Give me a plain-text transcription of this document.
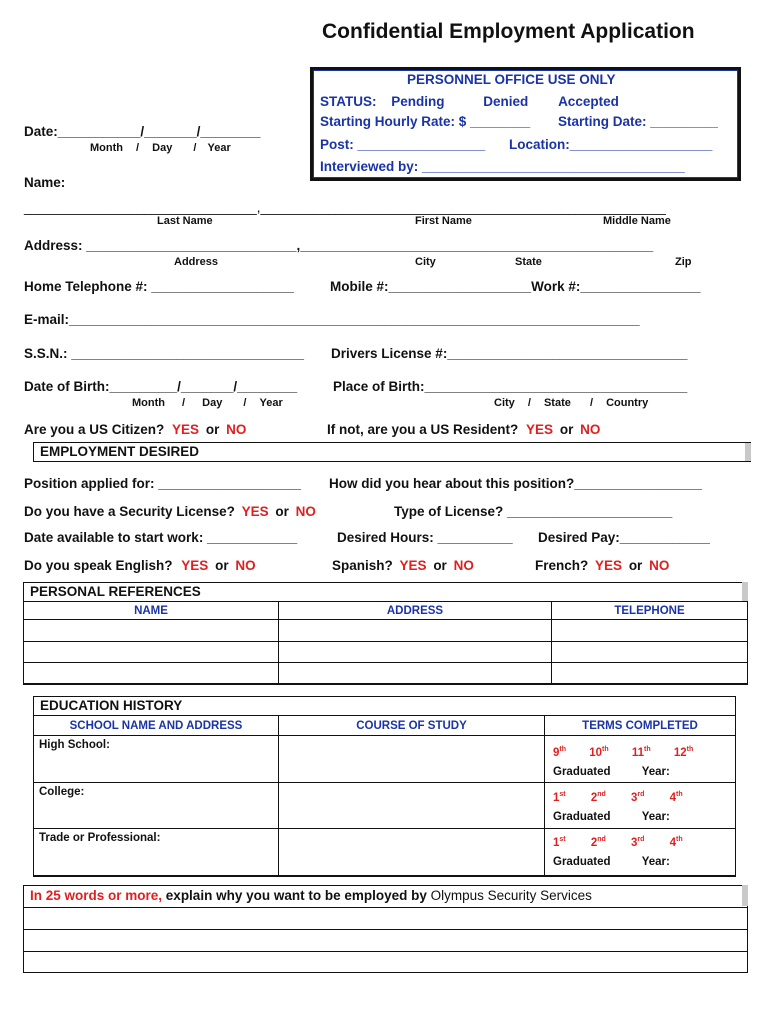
Confidential Employment Application
PERSONNEL OFFICE USE ONLY
STATUS: Pending	Denied Accepted
Starting Hourly Rate: $ ________ Starting Date: _________
Post: _________________ Location:___________________
Interviewed by: ___________________________________
Date:___________/_______/________
Month / Day / Year
Name:
_______________________________,______________________________________________________
Last Name	First Name	Middle Name
Address: ____________________________,_______________________________________________
Address	City	State	Zip
Home Telephone #: ___________________	Mobile #:___________________Work #:________________
E-mail:____________________________________________________________________________
S.S.N.: _______________________________ Drivers License #:________________________________
Date of Birth:_________/_______/________
Month / Day / Year
Place of Birth:___________________________________
City / State / Country
Are you a US Citizen? YES or NO	If not, are you a US Resident? YES or NO
EMPLOYMENT DESIRED
Position applied for: ___________________ How did you hear about this position?_________________
Do you have a Security License? YES or NO	Type of License? ______________________
Date available to start work: ____________	Desired Hours: __________ Desired Pay:____________
Do you speak English? YES or NO	Spanish? YES or NO	French? YES or NO
PERSONAL REFERENCES
NAME	ADDRESS	TELEPHONE

EDUCATION HISTORY
SCHOOL NAME AND ADDRESS	COURSE OF STUDY	TERMS COMPLETED
High School:		9th 10th 11th 12th
Graduated Year:

College:		1st 2nd 3rd 4th
Graduated Year:

Trade or Professional:		1st 2nd 3rd 4th
Graduated Year:
In 25 words or more, explain why you want to be employed by Olympus Security Services
